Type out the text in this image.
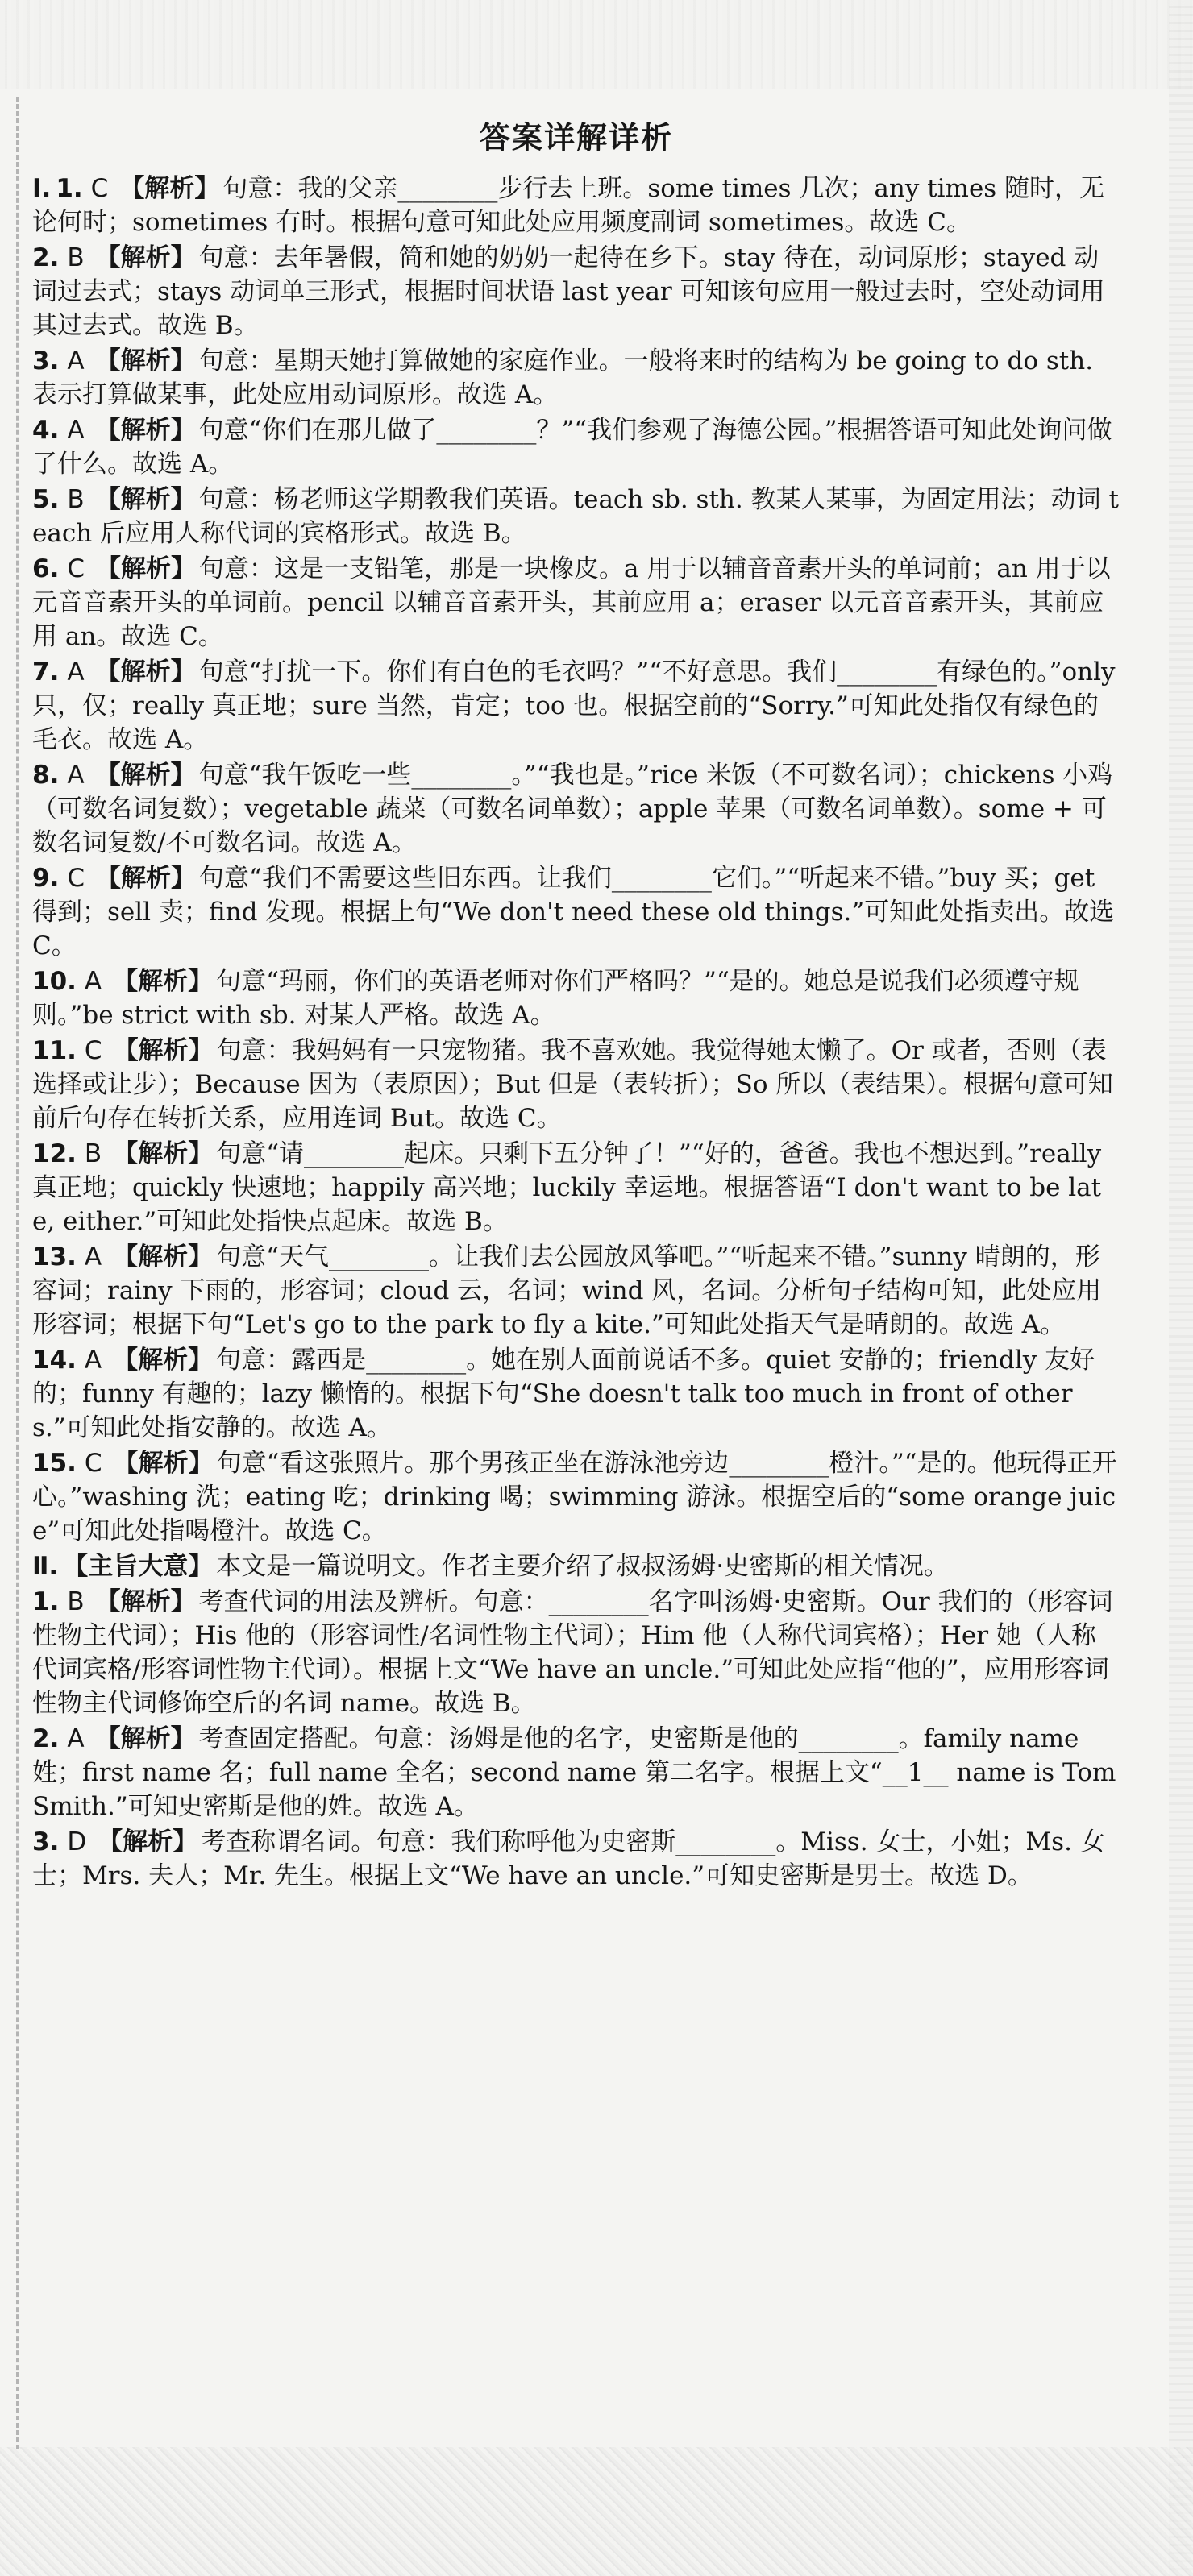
答案详解详析
Ⅰ. 1. C 【解析】 句意：我的父亲________步行去上班。some times 几次；any times 随时，无论何时；sometimes 有时。根据句意可知此处应用频度副词 sometimes。故选 C。
2. B 【解析】 句意：去年暑假，简和她的奶奶一起待在乡下。stay 待在，动词原形；stayed 动词过去式；stays 动词单三形式，根据时间状语 last year 可知该句应用一般过去时，空处动词用其过去式。故选 B。
3. A 【解析】 句意：星期天她打算做她的家庭作业。一般将来时的结构为 be going to do sth. 表示打算做某事，此处应用动词原形。故选 A。
4. A 【解析】 句意“你们在那儿做了________？”“我们参观了海德公园。”根据答语可知此处询问做了什么。故选 A。
5. B 【解析】 句意：杨老师这学期教我们英语。teach sb. sth. 教某人某事，为固定用法；动词 teach 后应用人称代词的宾格形式。故选 B。
6. C 【解析】 句意：这是一支铅笔，那是一块橡皮。a 用于以辅音音素开头的单词前；an 用于以元音音素开头的单词前。pencil 以辅音音素开头，其前应用 a；eraser 以元音音素开头，其前应用 an。故选 C。
7. A 【解析】 句意“打扰一下。你们有白色的毛衣吗？”“不好意思。我们________有绿色的。”only 只，仅；really 真正地；sure 当然，肯定；too 也。根据空前的“Sorry.”可知此处指仅有绿色的毛衣。故选 A。
8. A 【解析】 句意“我午饭吃一些________。”“我也是。”rice 米饭（不可数名词）；chickens 小鸡（可数名词复数）；vegetable 蔬菜（可数名词单数）；apple 苹果（可数名词单数）。some + 可数名词复数/不可数名词。故选 A。
9. C 【解析】 句意“我们不需要这些旧东西。让我们________它们。”“听起来不错。”buy 买；get 得到；sell 卖；find 发现。根据上句“We don't need these old things.”可知此处指卖出。故选 C。
10. A 【解析】 句意“玛丽，你们的英语老师对你们严格吗？”“是的。她总是说我们必须遵守规则。”be strict with sb. 对某人严格。故选 A。
11. C 【解析】 句意：我妈妈有一只宠物猪。我不喜欢她。我觉得她太懒了。Or 或者，否则（表选择或让步）；Because 因为（表原因）；But 但是（表转折）；So 所以（表结果）。根据句意可知前后句存在转折关系，应用连词 But。故选 C。
12. B 【解析】 句意“请________起床。只剩下五分钟了！”“好的，爸爸。我也不想迟到。”really 真正地；quickly 快速地；happily 高兴地；luckily 幸运地。根据答语“I don't want to be late, either.”可知此处指快点起床。故选 B。
13. A 【解析】 句意“天气________。让我们去公园放风筝吧。”“听起来不错。”sunny 晴朗的，形容词；rainy 下雨的，形容词；cloud 云，名词；wind 风，名词。分析句子结构可知，此处应用形容词；根据下句“Let's go to the park to fly a kite.”可知此处指天气是晴朗的。故选 A。
14. A 【解析】 句意：露西是________。她在别人面前说话不多。quiet 安静的；friendly 友好的；funny 有趣的；lazy 懒惰的。根据下句“She doesn't talk too much in front of others.”可知此处指安静的。故选 A。
15. C 【解析】 句意“看这张照片。那个男孩正坐在游泳池旁边________橙汁。”“是的。他玩得正开心。”washing 洗；eating 吃；drinking 喝；swimming 游泳。根据空后的“some orange juice”可知此处指喝橙汁。故选 C。
Ⅱ. 【主旨大意】 本文是一篇说明文。作者主要介绍了叔叔汤姆·史密斯的相关情况。
1. B 【解析】 考查代词的用法及辨析。句意：________名字叫汤姆·史密斯。Our 我们的（形容词性物主代词）；His 他的（形容词性/名词性物主代词）；Him 他（人称代词宾格）；Her 她（人称代词宾格/形容词性物主代词）。根据上文“We have an uncle.”可知此处应指“他的”，应用形容词性物主代词修饰空后的名词 name。故选 B。
2. A 【解析】 考查固定搭配。句意：汤姆是他的名字，史密斯是他的________。family name 姓；first name 名；full name 全名；second name 第二名字。根据上文“__1__ name is Tom Smith.”可知史密斯是他的姓。故选 A。
3. D 【解析】 考查称谓名词。句意：我们称呼他为史密斯________。Miss. 女士，小姐；Ms. 女士；Mrs. 夫人；Mr. 先生。根据上文“We have an uncle.”可知史密斯是男士。故选 D。
